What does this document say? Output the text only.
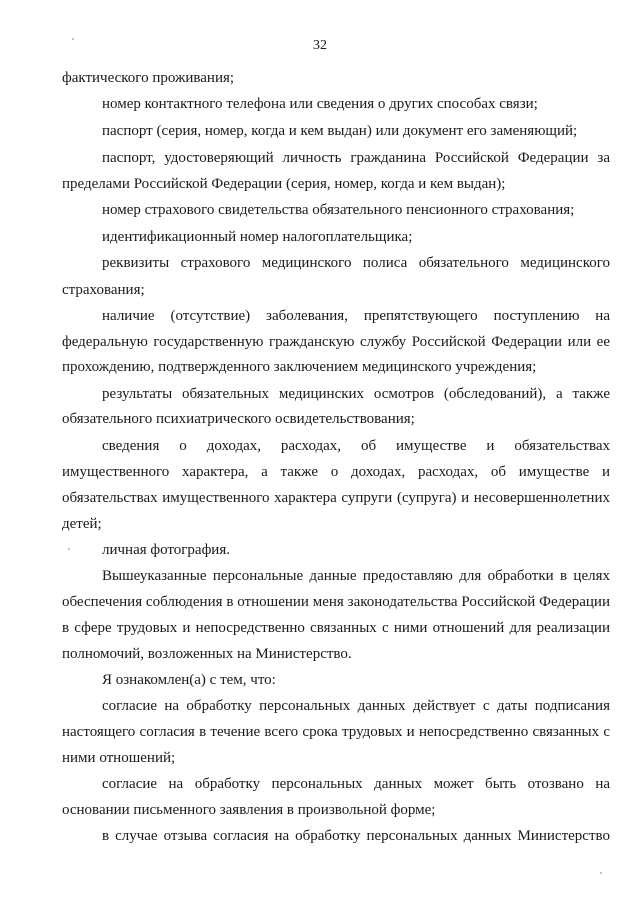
32
фактического проживания;
номер контактного телефона или сведения о других способах связи;
паспорт (серия, номер, когда и кем выдан) или документ его заменяющий;
паспорт, удостоверяющий личность гражданина Российской Федерации за
пределами Российской Федерации (серия, номер, когда и кем выдан);
номер страхового свидетельства обязательного пенсионного страхования;
идентификационный номер налогоплательщика;
реквизиты страхового медицинского полиса обязательного медицинского
страхования;
наличие (отсутствие) заболевания, препятствующего поступлению на
федеральную государственную гражданскую службу Российской Федерации или ее
прохождению, подтвержденного заключением медицинского учреждения;
результаты обязательных медицинских осмотров (обследований), а также
обязательного психиатрического освидетельствования;
сведения о доходах, расходах, об имуществе и обязательствах
имущественного характера, а также о доходах, расходах, об имуществе и
обязательствах имущественного характера супруги (супруга) и несовершеннолетних
детей;
личная фотография.
Вышеуказанные персональные данные предоставляю для обработки в целях
обеспечения соблюдения в отношении меня законодательства Российской Федерации
в сфере трудовых и непосредственно связанных с ними отношений для реализации
полномочий, возложенных на Министерство.
Я ознакомлен(а) с тем, что:
согласие на обработку персональных данных действует с даты подписания
настоящего согласия в течение всего срока трудовых и непосредственно связанных с
ними отношений;
согласие на обработку персональных данных может быть отозвано на
основании письменного заявления в произвольной форме;
в случае отзыва согласия на обработку персональных данных Министерство
